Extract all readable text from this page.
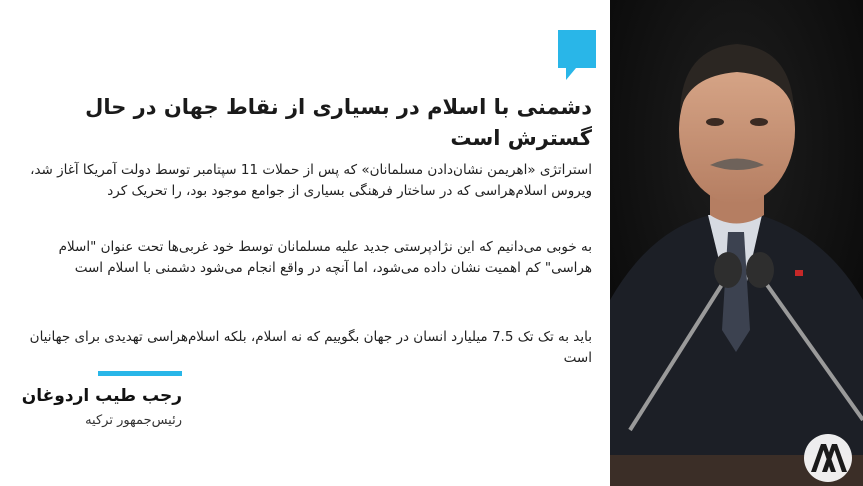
دشمنی با اسلام در بسیاری از نقاط جهان در حال گسترش است
استراتژی «اهریمن نشان‌دادن مسلمانان» که پس از حملات 11 سپتامبر توسط دولت آمریکا آغاز شد، ویروس اسلام‌هراسی که در ساختار فرهنگی بسیاری از جوامع موجود بود، را تحریک کرد
به خوبی می‌دانیم که این نژادپرستی جدید علیه مسلمانان توسط خود غربی‌ها تحت عنوان "اسلام هراسی" کم اهمیت نشان داده می‌شود، اما آنچه در واقع انجام می‌شود دشمنی با اسلام است
باید به تک تک 7.5 میلیارد انسان در جهان بگوییم که نه اسلام، بلکه اسلام‌هراسی تهدیدی برای جهانیان است
رجب طیب اردوغان
رئیس‌جمهور ترکیه
